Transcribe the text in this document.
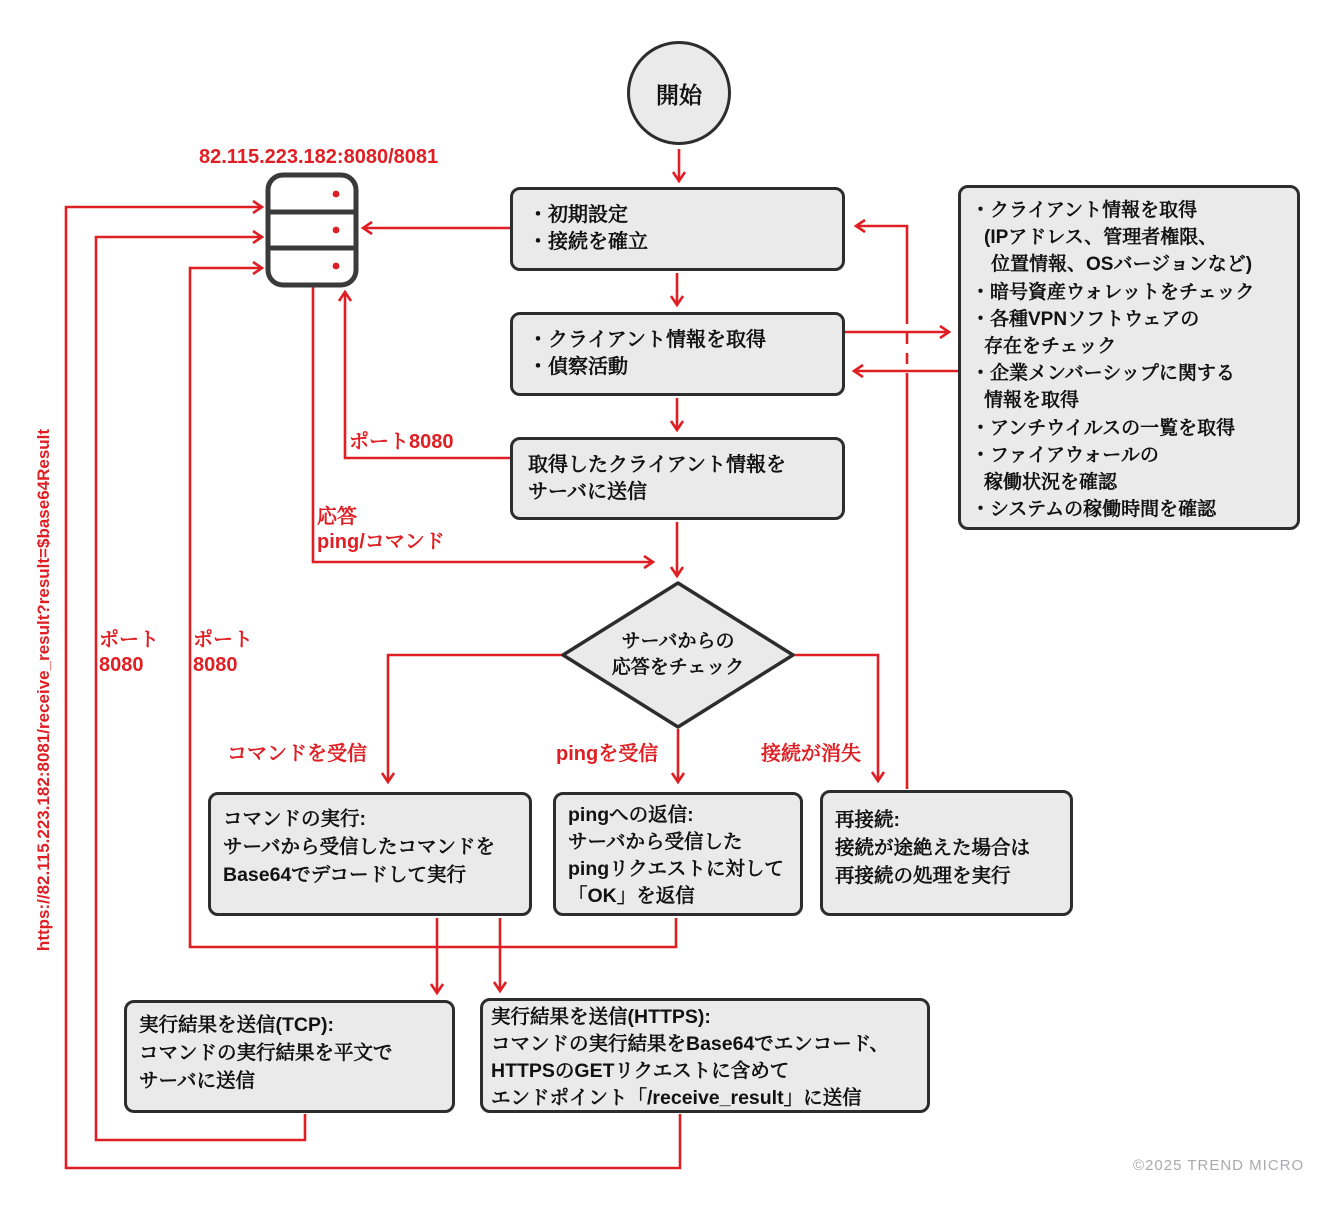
開始
・初期設定
・接続を確立
・クライアント情報を取得
・偵察活動
取得したクライアント情報を
サーバに送信
・クライアント情報を取得
(IPアドレス、管理者権限、
位置情報、OSバージョンなど)
・暗号資産ウォレットをチェック
・各種VPNソフトウェアの
存在をチェック
・企業メンバーシップに関する
情報を取得
・アンチウイルスの一覧を取得
・ファイアウォールの
稼働状況を確認
・システムの稼働時間を確認
サーバからの
応答をチェック
コマンドの実行:
サーバから受信したコマンドを
Base64でデコードして実行
pingへの返信:
サーバから受信した
pingリクエストに対して
「OK」を返信
再接続:
接続が途絶えた場合は
再接続の処理を実行
実行結果を送信(TCP):
コマンドの実行結果を平文で
サーバに送信
実行結果を送信(HTTPS):
コマンドの実行結果をBase64でエンコード、
HTTPSのGETリクエストに含めて
エンドポイント「/receive_result」に送信
82.115.223.182:8080/8081
ポート8080
応答
ping/コマンド
ポート
8080
ポート
8080
コマンドを受信	pingを受信	接続が消失
https://82.115.223.182:8081/receive_result?result=$base64Result
©2025 TREND MICRO
